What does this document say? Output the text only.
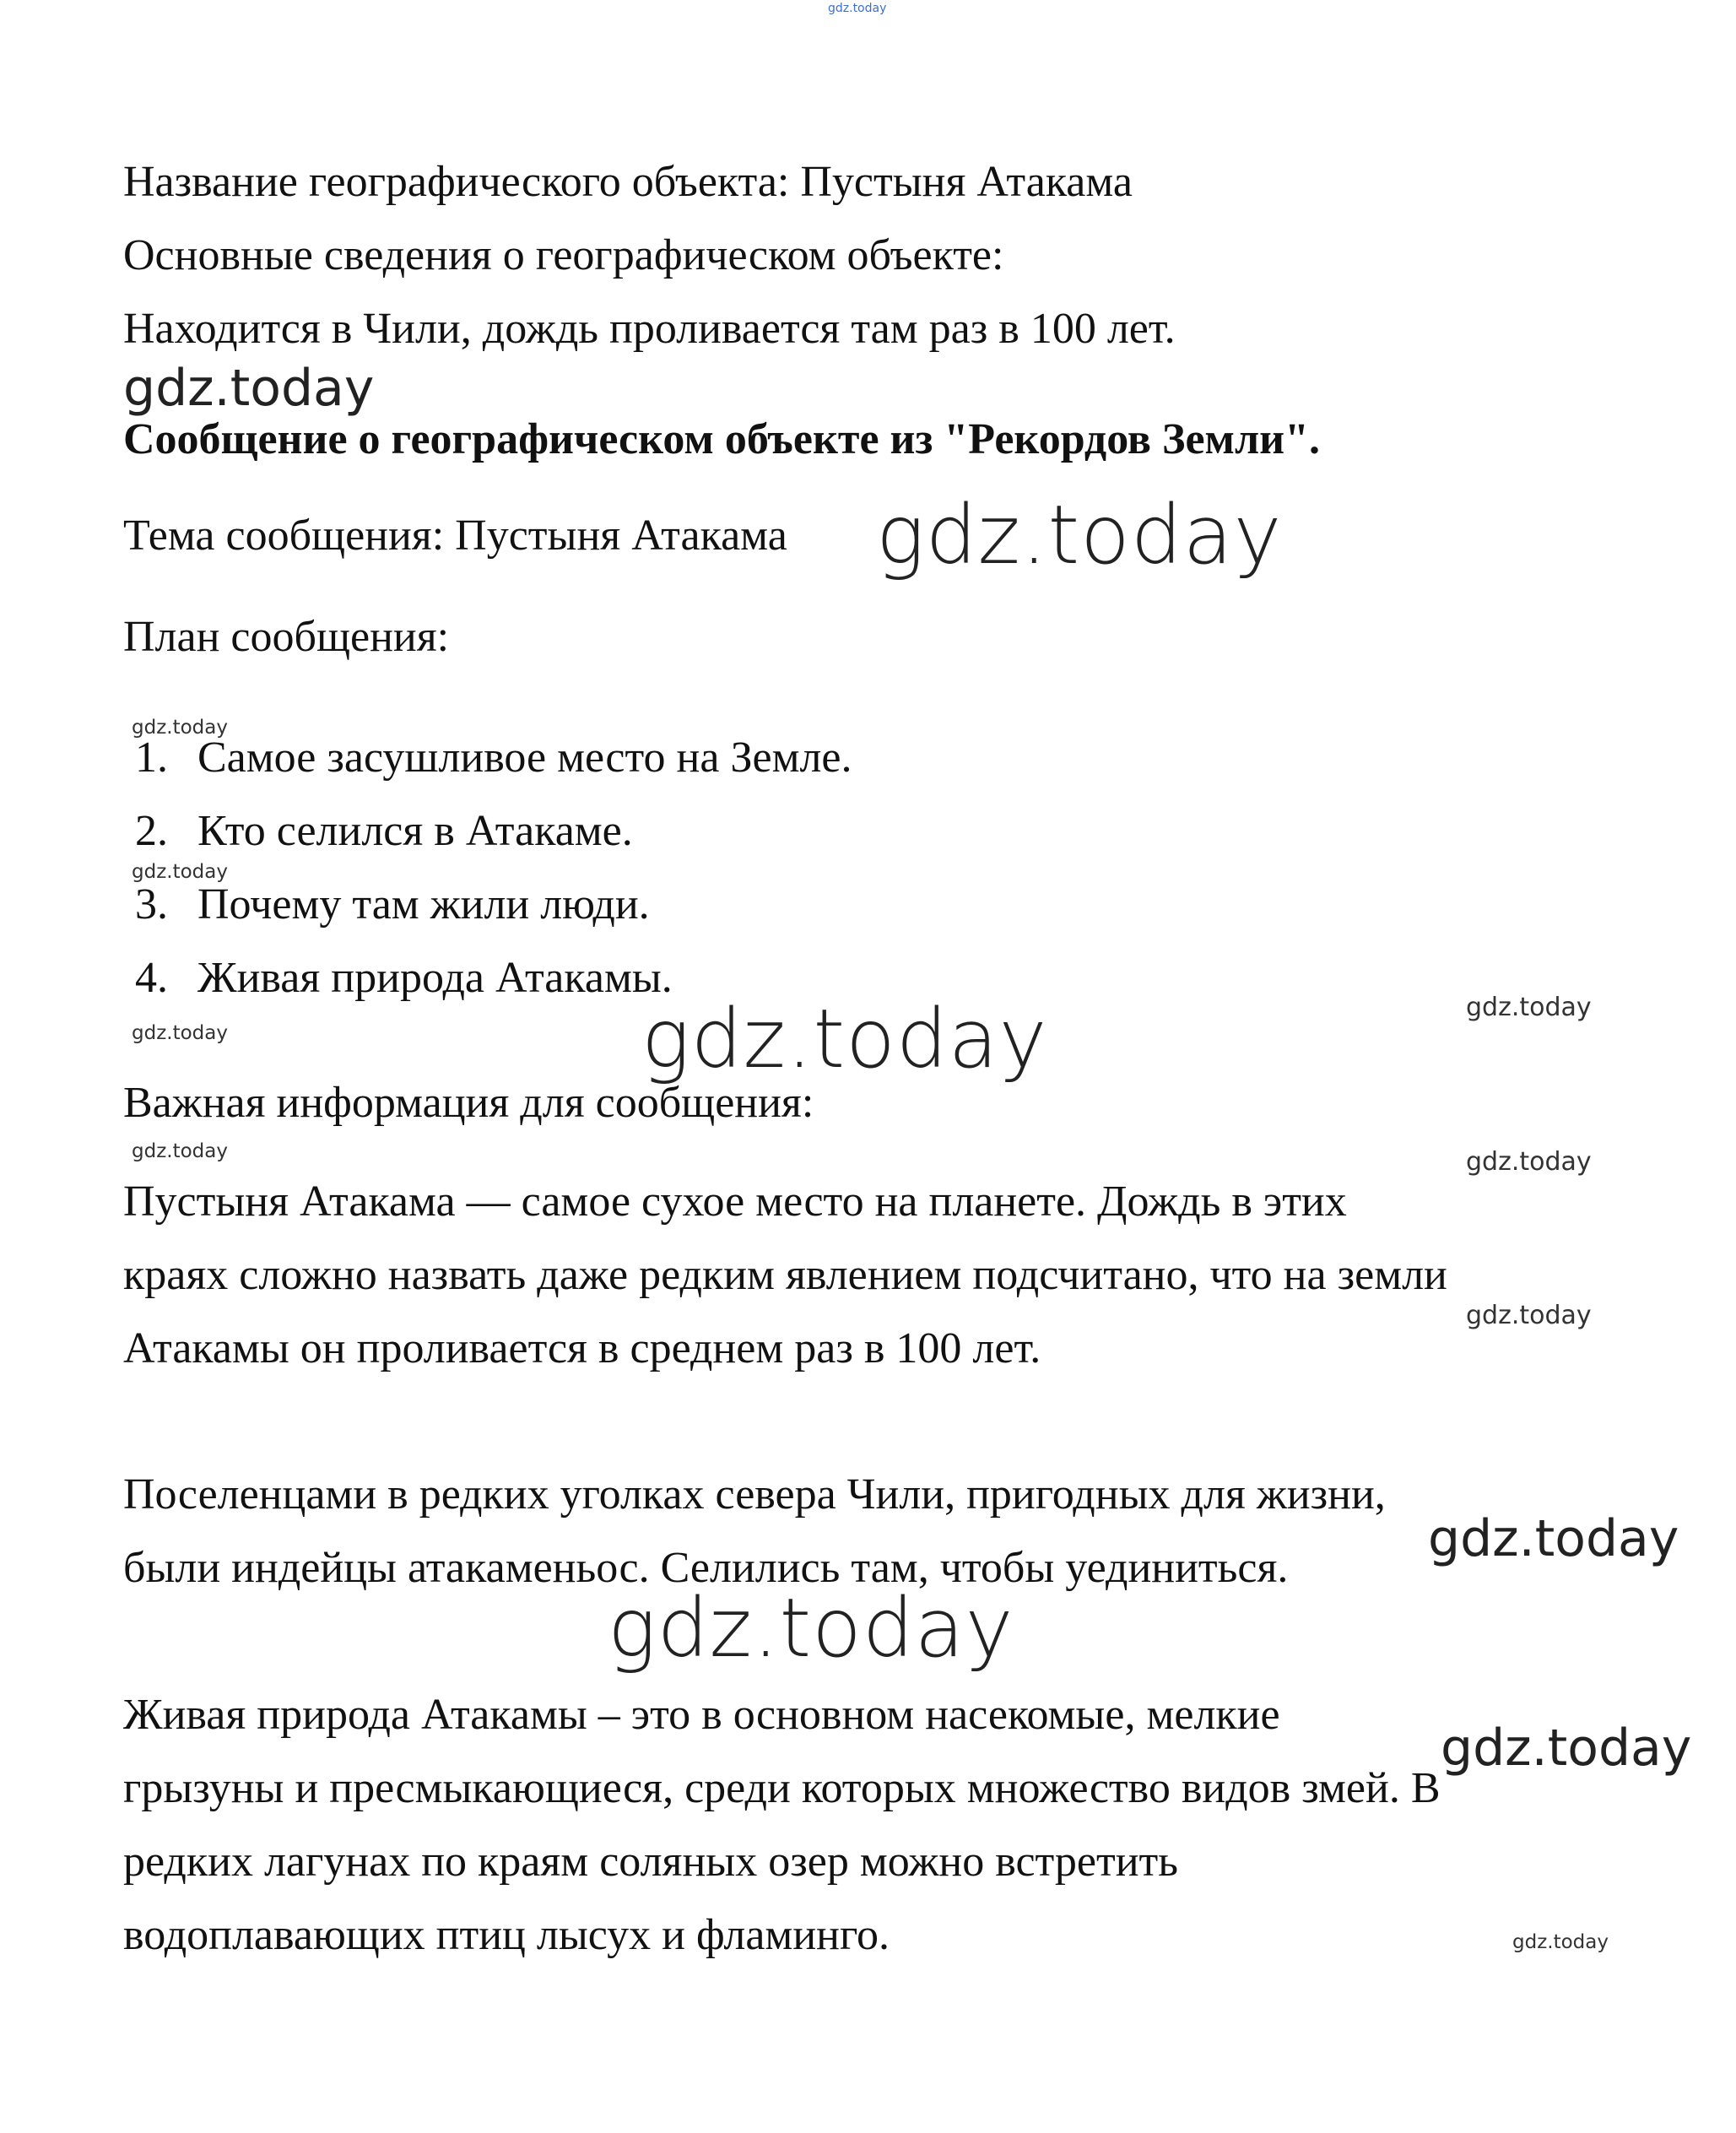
gdz.today
gdz.today
gdz.today
gdz.today
gdz.today
gdz.today
gdz.today
gdz.today
gdz.today	gdz.today
gdz.today
gdz.today
gdz.today
gdz.today
gdz.today
Название географического объекта: Пустыня Атакама
Основные сведения о географическом объекте:
Находится в Чили, дождь проливается там раз в 100 лет.
Сообщение о географическом объекте из "Рекордов Земли".
Тема сообщения: Пустыня Атакама
План сообщения:
1. Самое засушливое место на Земле.
2. Кто селился в Атакаме.
3. Почему там жили люди.
4. Живая природа Атакамы.
Важная информация для сообщения:
Пустыня Атакама — самое сухое место на планете. Дождь в этих
краях сложно назвать даже редким явлением подсчитано, что на земли
Атакамы он проливается в среднем раз в 100 лет.
Поселенцами в редких уголках севера Чили, пригодных для жизни,
были индейцы атакаменьос. Селились там, чтобы уединиться.
Живая природа Атакамы – это в основном насекомые, мелкие
грызуны и пресмыкающиеся, среди которых множество видов змей. В
редких лагунах по краям соляных озер можно встретить
водоплавающих птиц лысух и фламинго.
